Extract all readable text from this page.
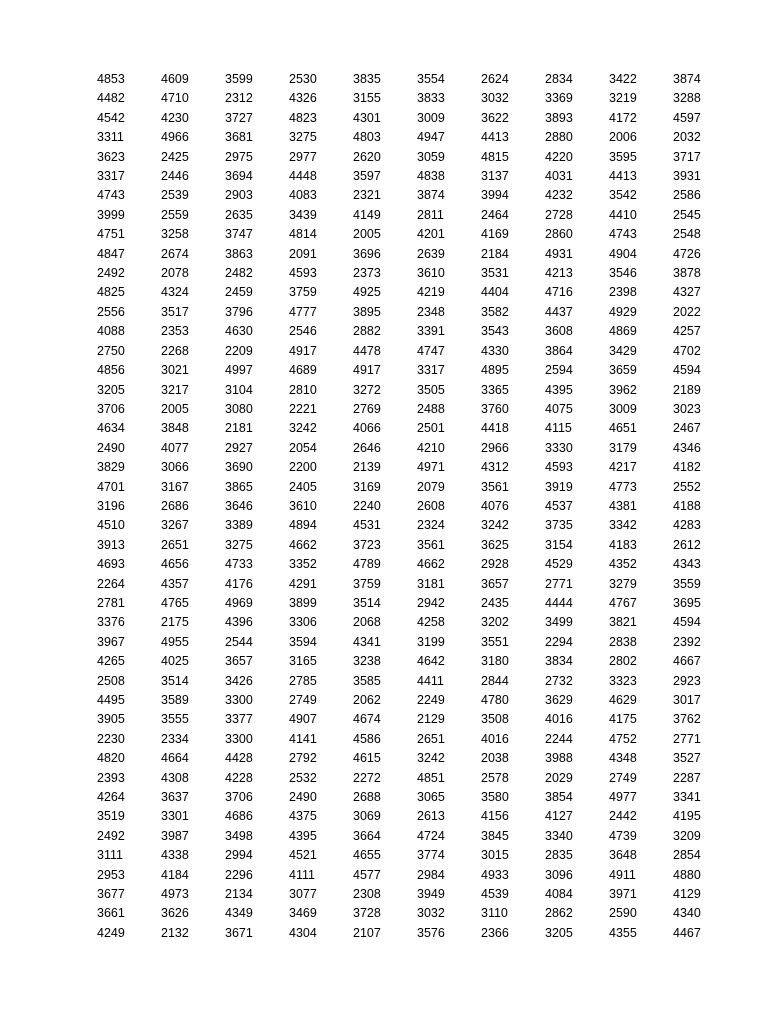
4853	4609	3599	2530	3835	3554	2624	2834	3422	3874
4482	4710	2312	4326	3155	3833	3032	3369	3219	3288
4542	4230	3727	4823	4301	3009	3622	3893	4172	4597
3311	4966	3681	3275	4803	4947	4413	2880	2006	2032
3623	2425	2975	2977	2620	3059	4815	4220	3595	3717
3317	2446	3694	4448	3597	4838	3137	4031	4413	3931
4743	2539	2903	4083	2321	3874	3994	4232	3542	2586
3999	2559	2635	3439	4149	2811	2464	2728	4410	2545
4751	3258	3747	4814	2005	4201	4169	2860	4743	2548
4847	2674	3863	2091	3696	2639	2184	4931	4904	4726
2492	2078	2482	4593	2373	3610	3531	4213	3546	3878
4825	4324	2459	3759	4925	4219	4404	4716	2398	4327
2556	3517	3796	4777	3895	2348	3582	4437	4929	2022
4088	2353	4630	2546	2882	3391	3543	3608	4869	4257
2750	2268	2209	4917	4478	4747	4330	3864	3429	4702
4856	3021	4997	4689	4917	3317	4895	2594	3659	4594
3205	3217	3104	2810	3272	3505	3365	4395	3962	2189
3706	2005	3080	2221	2769	2488	3760	4075	3009	3023
4634	3848	2181	3242	4066	2501	4418	4115	4651	2467
2490	4077	2927	2054	2646	4210	2966	3330	3179	4346
3829	3066	3690	2200	2139	4971	4312	4593	4217	4182
4701	3167	3865	2405	3169	2079	3561	3919	4773	2552
3196	2686	3646	3610	2240	2608	4076	4537	4381	4188
4510	3267	3389	4894	4531	2324	3242	3735	3342	4283
3913	2651	3275	4662	3723	3561	3625	3154	4183	2612
4693	4656	4733	3352	4789	4662	2928	4529	4352	4343
2264	4357	4176	4291	3759	3181	3657	2771	3279	3559
2781	4765	4969	3899	3514	2942	2435	4444	4767	3695
3376	2175	4396	3306	2068	4258	3202	3499	3821	4594
3967	4955	2544	3594	4341	3199	3551	2294	2838	2392
4265	4025	3657	3165	3238	4642	3180	3834	2802	4667
2508	3514	3426	2785	3585	4411	2844	2732	3323	2923
4495	3589	3300	2749	2062	2249	4780	3629	4629	3017
3905	3555	3377	4907	4674	2129	3508	4016	4175	3762
2230	2334	3300	4141	4586	2651	4016	2244	4752	2771
4820	4664	4428	2792	4615	3242	2038	3988	4348	3527
2393	4308	4228	2532	2272	4851	2578	2029	2749	2287
4264	3637	3706	2490	2688	3065	3580	3854	4977	3341
3519	3301	4686	4375	3069	2613	4156	4127	2442	4195
2492	3987	3498	4395	3664	4724	3845	3340	4739	3209
3111	4338	2994	4521	4655	3774	3015	2835	3648	2854
2953	4184	2296	4111	4577	2984	4933	3096	4911	4880
3677	4973	2134	3077	2308	3949	4539	4084	3971	4129
3661	3626	4349	3469	3728	3032	3110	2862	2590	4340
4249	2132	3671	4304	2107	3576	2366	3205	4355	4467
